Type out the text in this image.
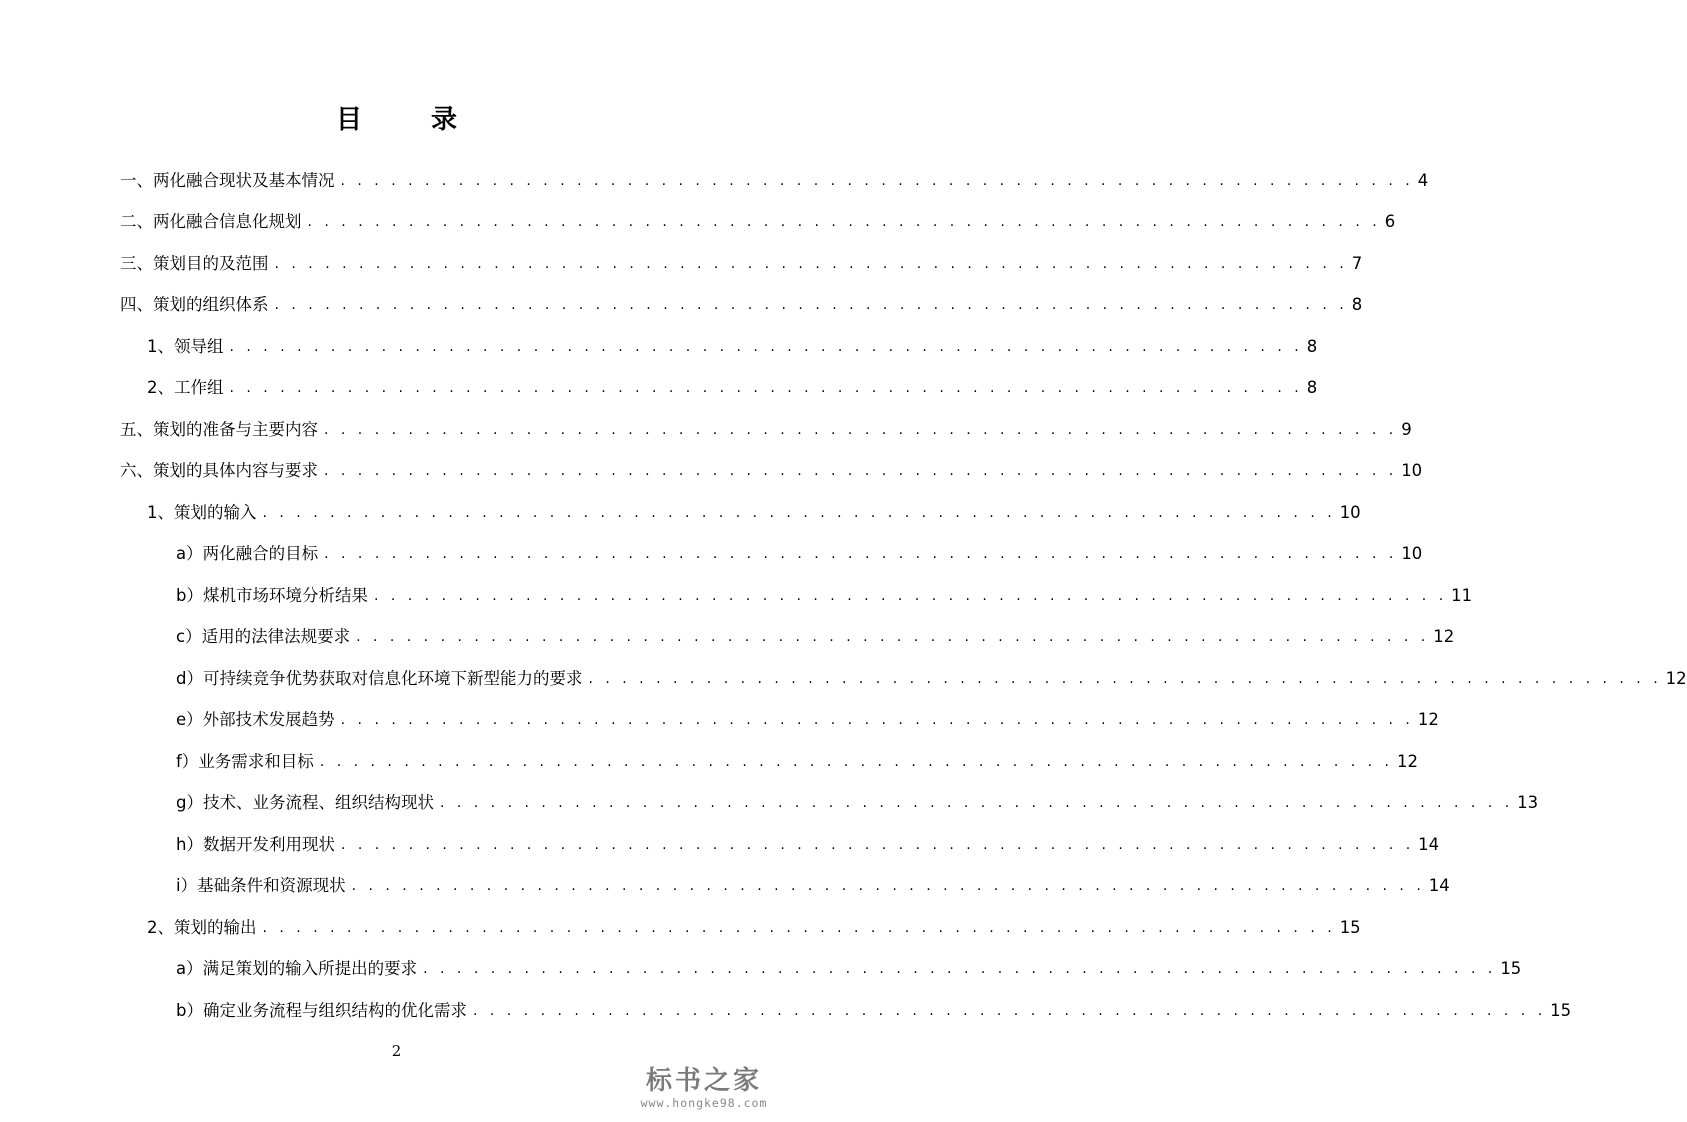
目 录
一、两化融合现状及基本情况 . . . . . . . . . . . . . . . . . . . . . . . . . . . . . . . . . . . . . . . . . . . . . . . . . . . . . . . . . . . . . . . . 4
二、两化融合信息化规划 . . . . . . . . . . . . . . . . . . . . . . . . . . . . . . . . . . . . . . . . . . . . . . . . . . . . . . . . . . . . . . . . 6
三、策划目的及范围 . . . . . . . . . . . . . . . . . . . . . . . . . . . . . . . . . . . . . . . . . . . . . . . . . . . . . . . . . . . . . . . . 7
四、策划的组织体系 . . . . . . . . . . . . . . . . . . . . . . . . . . . . . . . . . . . . . . . . . . . . . . . . . . . . . . . . . . . . . . . . 8
1、领导组 . . . . . . . . . . . . . . . . . . . . . . . . . . . . . . . . . . . . . . . . . . . . . . . . . . . . . . . . . . . . . . . . 8
2、工作组 . . . . . . . . . . . . . . . . . . . . . . . . . . . . . . . . . . . . . . . . . . . . . . . . . . . . . . . . . . . . . . . . 8
五、策划的准备与主要内容 . . . . . . . . . . . . . . . . . . . . . . . . . . . . . . . . . . . . . . . . . . . . . . . . . . . . . . . . . . . . . . . . 9
六、策划的具体内容与要求 . . . . . . . . . . . . . . . . . . . . . . . . . . . . . . . . . . . . . . . . . . . . . . . . . . . . . . . . . . . . . . . . 10
1、策划的输入 . . . . . . . . . . . . . . . . . . . . . . . . . . . . . . . . . . . . . . . . . . . . . . . . . . . . . . . . . . . . . . . . 10
a）两化融合的目标 . . . . . . . . . . . . . . . . . . . . . . . . . . . . . . . . . . . . . . . . . . . . . . . . . . . . . . . . . . . . . . . . 10
b）煤机市场环境分析结果 . . . . . . . . . . . . . . . . . . . . . . . . . . . . . . . . . . . . . . . . . . . . . . . . . . . . . . . . . . . . . . . . 11
c）适用的法律法规要求 . . . . . . . . . . . . . . . . . . . . . . . . . . . . . . . . . . . . . . . . . . . . . . . . . . . . . . . . . . . . . . . . 12
d）可持续竞争优势获取对信息化环境下新型能力的要求 . . . . . . . . . . . . . . . . . . . . . . . . . . . . . . . . . . . . . . . . . . . . . . . . . . . . . . . . . . . . . . . . 12
e）外部技术发展趋势 . . . . . . . . . . . . . . . . . . . . . . . . . . . . . . . . . . . . . . . . . . . . . . . . . . . . . . . . . . . . . . . . 12
f）业务需求和目标 . . . . . . . . . . . . . . . . . . . . . . . . . . . . . . . . . . . . . . . . . . . . . . . . . . . . . . . . . . . . . . . . 12
g）技术、业务流程、组织结构现状 . . . . . . . . . . . . . . . . . . . . . . . . . . . . . . . . . . . . . . . . . . . . . . . . . . . . . . . . . . . . . . . . 13
h）数据开发利用现状 . . . . . . . . . . . . . . . . . . . . . . . . . . . . . . . . . . . . . . . . . . . . . . . . . . . . . . . . . . . . . . . . 14
i）基础条件和资源现状 . . . . . . . . . . . . . . . . . . . . . . . . . . . . . . . . . . . . . . . . . . . . . . . . . . . . . . . . . . . . . . . . 14
2、策划的输出 . . . . . . . . . . . . . . . . . . . . . . . . . . . . . . . . . . . . . . . . . . . . . . . . . . . . . . . . . . . . . . . . 15
a）满足策划的输入所提出的要求 . . . . . . . . . . . . . . . . . . . . . . . . . . . . . . . . . . . . . . . . . . . . . . . . . . . . . . . . . . . . . . . . 15
b）确定业务流程与组织结构的优化需求 . . . . . . . . . . . . . . . . . . . . . . . . . . . . . . . . . . . . . . . . . . . . . . . . . . . . . . . . . . . . . . . . 15
2
标书之家
www.hongke98.com
